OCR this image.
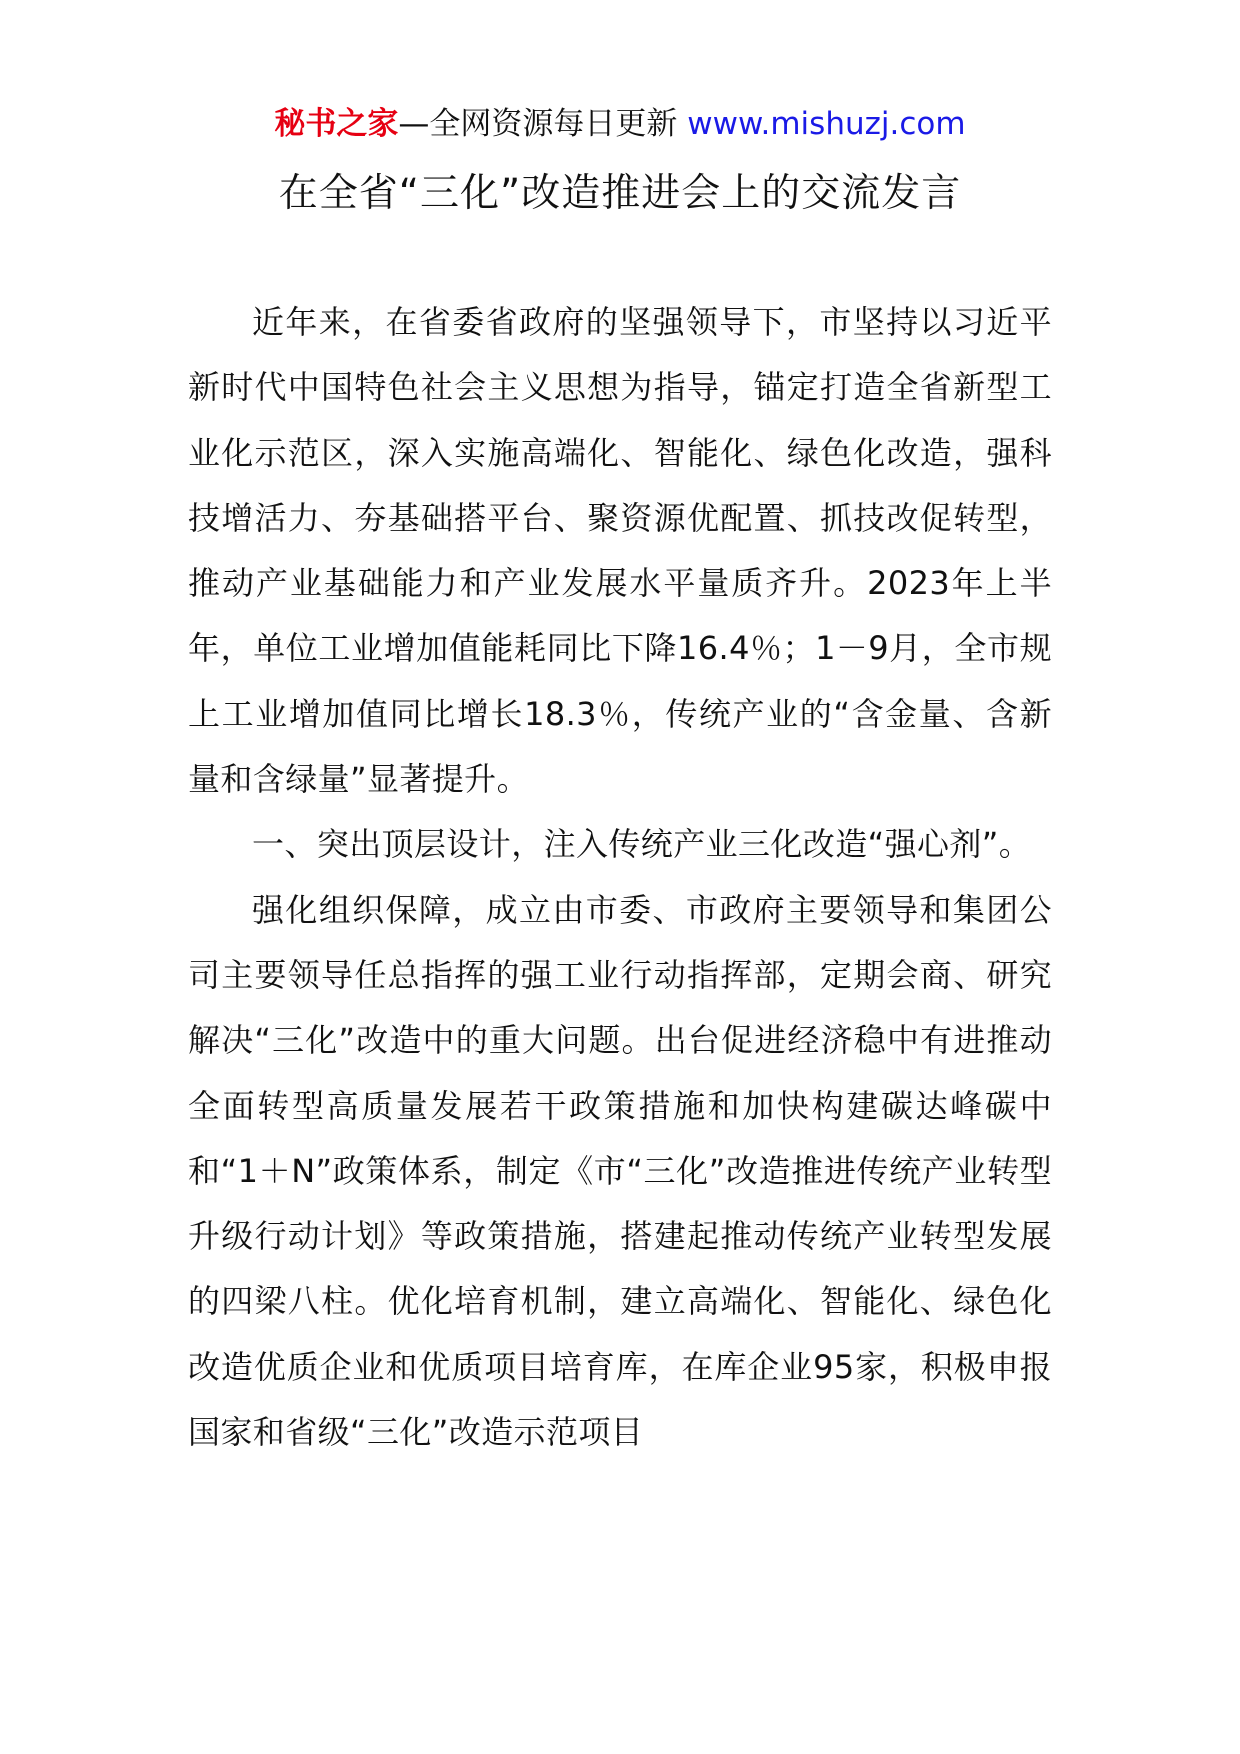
秘书之家—全网资源每日更新 www.mishuzj.com
在全省“三化”改造推进会上的交流发言

近年来，在省委省政府的坚强领导下，市坚持以习近平新时代中国特色社会主义思想为指导，锚定打造全省新型工业化示范区，深入实施高端化、智能化、绿色化改造，强科技增活力、夯基础搭平台、聚资源优配置、抓技改促转型，推动产业基础能力和产业发展水平量质齐升。2023年上半年，单位工业增加值能耗同比下降16.4％；1－9月，全市规上工业增加值同比增长18.3％，传统产业的“含金量、含新量和含绿量”显著提升。

一、突出顶层设计，注入传统产业三化改造“强心剂”。

强化组织保障，成立由市委、市政府主要领导和集团公司主要领导任总指挥的强工业行动指挥部，定期会商、研究解决“三化”改造中的重大问题。出台促进经济稳中有进推动全面转型高质量发展若干政策措施和加快构建碳达峰碳中和“1＋N”政策体系，制定《市“三化”改造推进传统产业转型升级行动计划》等政策措施，搭建起推动传统产业转型发展的四梁八柱。优化培育机制，建立高端化、智能化、绿色化改造优质企业和优质项目培育库，在库企业95家，积极申报国家和省级“三化”改造示范项目
